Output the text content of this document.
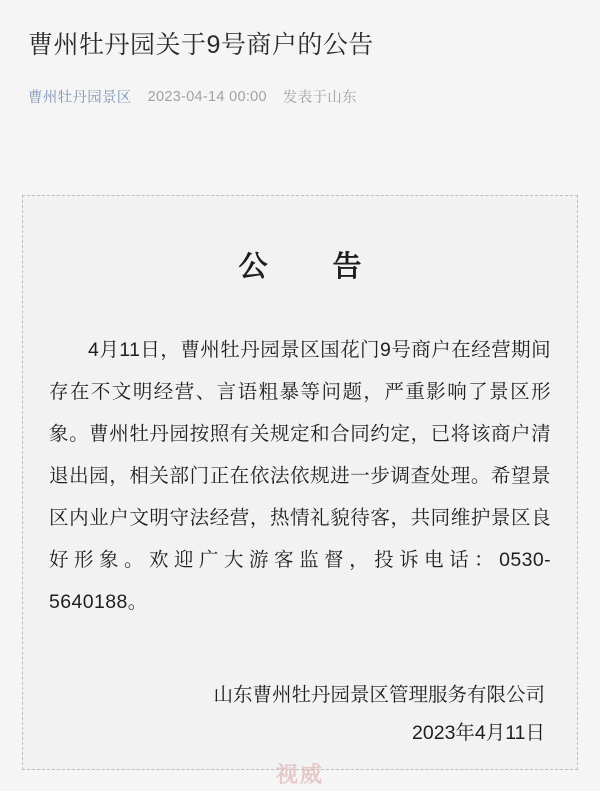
曹州牡丹园关于9号商户的公告
曹州牡丹园景区 2023-04-14 00:00 发表于山东
公　告
4月11日，曹州牡丹园景区国花门9号商户在经营期间存在不文明经营、言语粗暴等问题，严重影响了景区形象。曹州牡丹园按照有关规定和合同约定，已将该商户清退出园，相关部门正在依法依规进一步调查处理。希望景区内业户文明守法经营，热情礼貌待客，共同维护景区良好形象。欢迎广大游客监督，投诉电话：0530-5640188。
山东曹州牡丹园景区管理服务有限公司
2023年4月11日
视威
